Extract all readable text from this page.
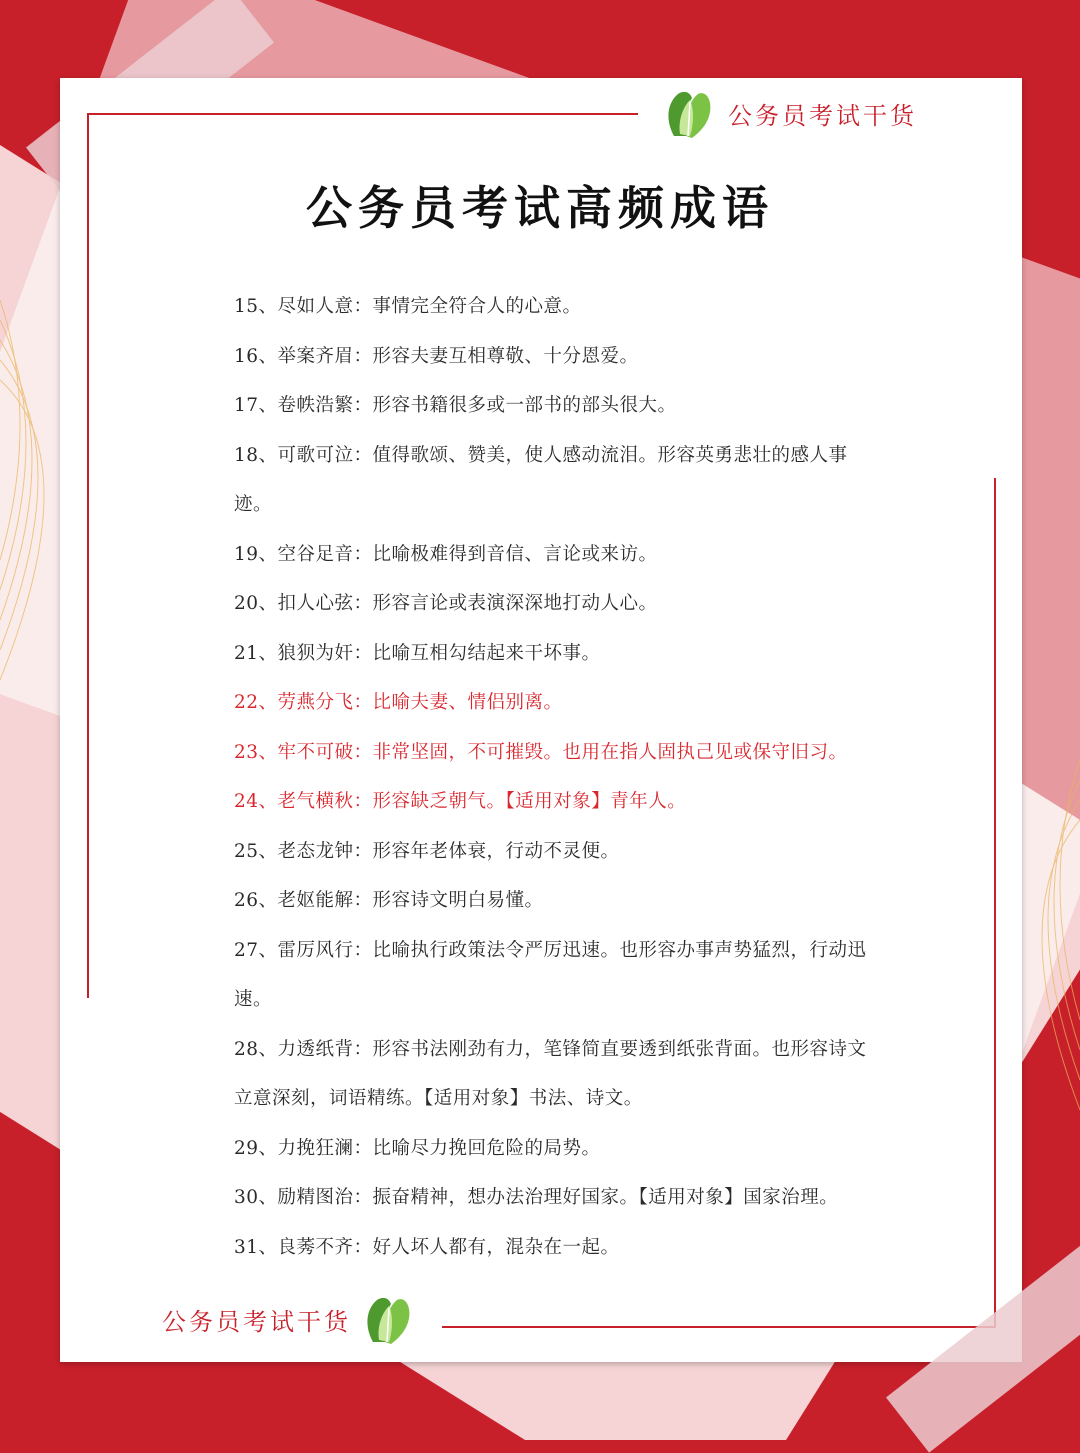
公务员考试干货
公务员考试高频成语
15、尽如人意：事情完全符合人的心意。
16、举案齐眉：形容夫妻互相尊敬、十分恩爱。
17、卷帙浩繁：形容书籍很多或一部书的部头很大。
18、可歌可泣：值得歌颂、赞美，使人感动流泪。形容英勇悲壮的感人事迹。
19、空谷足音：比喻极难得到音信、言论或来访。
20、扣人心弦：形容言论或表演深深地打动人心。
21、狼狈为奸：比喻互相勾结起来干坏事。
22、劳燕分飞：比喻夫妻、情侣别离。
23、牢不可破：非常坚固，不可摧毁。也用在指人固执己见或保守旧习。
24、老气横秋：形容缺乏朝气。【适用对象】青年人。
25、老态龙钟：形容年老体衰，行动不灵便。
26、老妪能解：形容诗文明白易懂。
27、雷厉风行：比喻执行政策法令严厉迅速。也形容办事声势猛烈，行动迅速。
28、力透纸背：形容书法刚劲有力，笔锋简直要透到纸张背面。也形容诗文立意深刻，词语精练。【适用对象】书法、诗文。
29、力挽狂澜：比喻尽力挽回危险的局势。
30、励精图治：振奋精神，想办法治理好国家。【适用对象】国家治理。
31、良莠不齐：好人坏人都有，混杂在一起。
公务员考试干货
